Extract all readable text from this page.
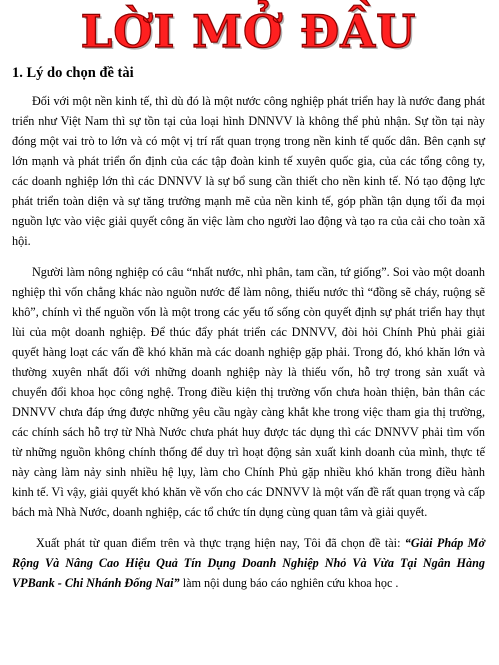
LỜI MỞ ĐẦU
1. Lý do chọn đề tài

Đối với một nền kinh tế, thì dù đó là một nước công nghiệp phát triển hay là nước đang phát triển như Việt Nam thì sự tồn tại của loại hình DNNVV là không thể phủ nhận. Sự tồn tại này đóng một vai trò to lớn và có một vị trí rất quan trọng trong nền kinh tế quốc dân. Bên cạnh sự lớn mạnh và phát triển ổn định của các tập đoàn kinh tế xuyên quốc gia, của các tổng công ty, các doanh nghiệp lớn thì các DNNVV là sự bổ sung cần thiết cho nền kinh tế. Nó tạo động lực phát triển toàn diện và sự tăng trưởng mạnh mẽ của nền kinh tế, góp phần tận dụng tối đa mọi nguồn lực vào việc giải quyết công ăn việc làm cho người lao động và tạo ra của cải cho toàn xã hội.

Người làm nông nghiệp có câu “nhất nước, nhì phân, tam cần, tứ giống”. Soi vào một doanh nghiệp thì vốn chẳng khác nào nguồn nước để làm nông, thiếu nước thì “đồng sẽ cháy, ruộng sẽ khô”, chính vì thế nguồn vốn là một trong các yếu tố sống còn quyết định sự phát triển hay thụt lùi của một doanh nghiệp. Để thúc đẩy phát triển các DNNVV, đòi hỏi Chính Phủ phải giải quyết hàng loạt các vấn đề khó khăn mà các doanh nghiệp gặp phải. Trong đó, khó khăn lớn và thường xuyên nhất đối với những doanh nghiệp này là thiếu vốn, hỗ trợ trong sản xuất và chuyển đổi khoa học công nghệ. Trong điều kiện thị trường vốn chưa hoàn thiện, bản thân các DNNVV chưa đáp ứng được những yêu cầu ngày càng khắt khe trong việc tham gia thị trường, các chính sách hỗ trợ từ Nhà Nước chưa phát huy được tác dụng thì các DNNVV phải tìm vốn từ những nguồn không chính thống để duy trì hoạt động sản xuất kinh doanh của mình, thực tế này càng làm nảy sinh nhiều hệ lụy, làm cho Chính Phủ gặp nhiều khó khăn trong điều hành kinh tế. Vì vậy, giải quyết khó khăn về vốn cho các DNNVV là một vấn đề rất quan trọng và cấp bách mà Nhà Nước, doanh nghiệp, các tổ chức tín dụng cùng quan tâm và giải quyết.

Xuất phát từ quan điểm trên và thực trạng hiện nay, Tôi đã chọn đề tài: “Giải Pháp Mở Rộng Và Nâng Cao Hiệu Quả Tín Dụng Doanh Nghiệp Nhỏ Và Vừa Tại Ngân Hàng VPBank - Chi Nhánh Đống Nai” làm nội dung báo cáo nghiên cứu khoa học .
